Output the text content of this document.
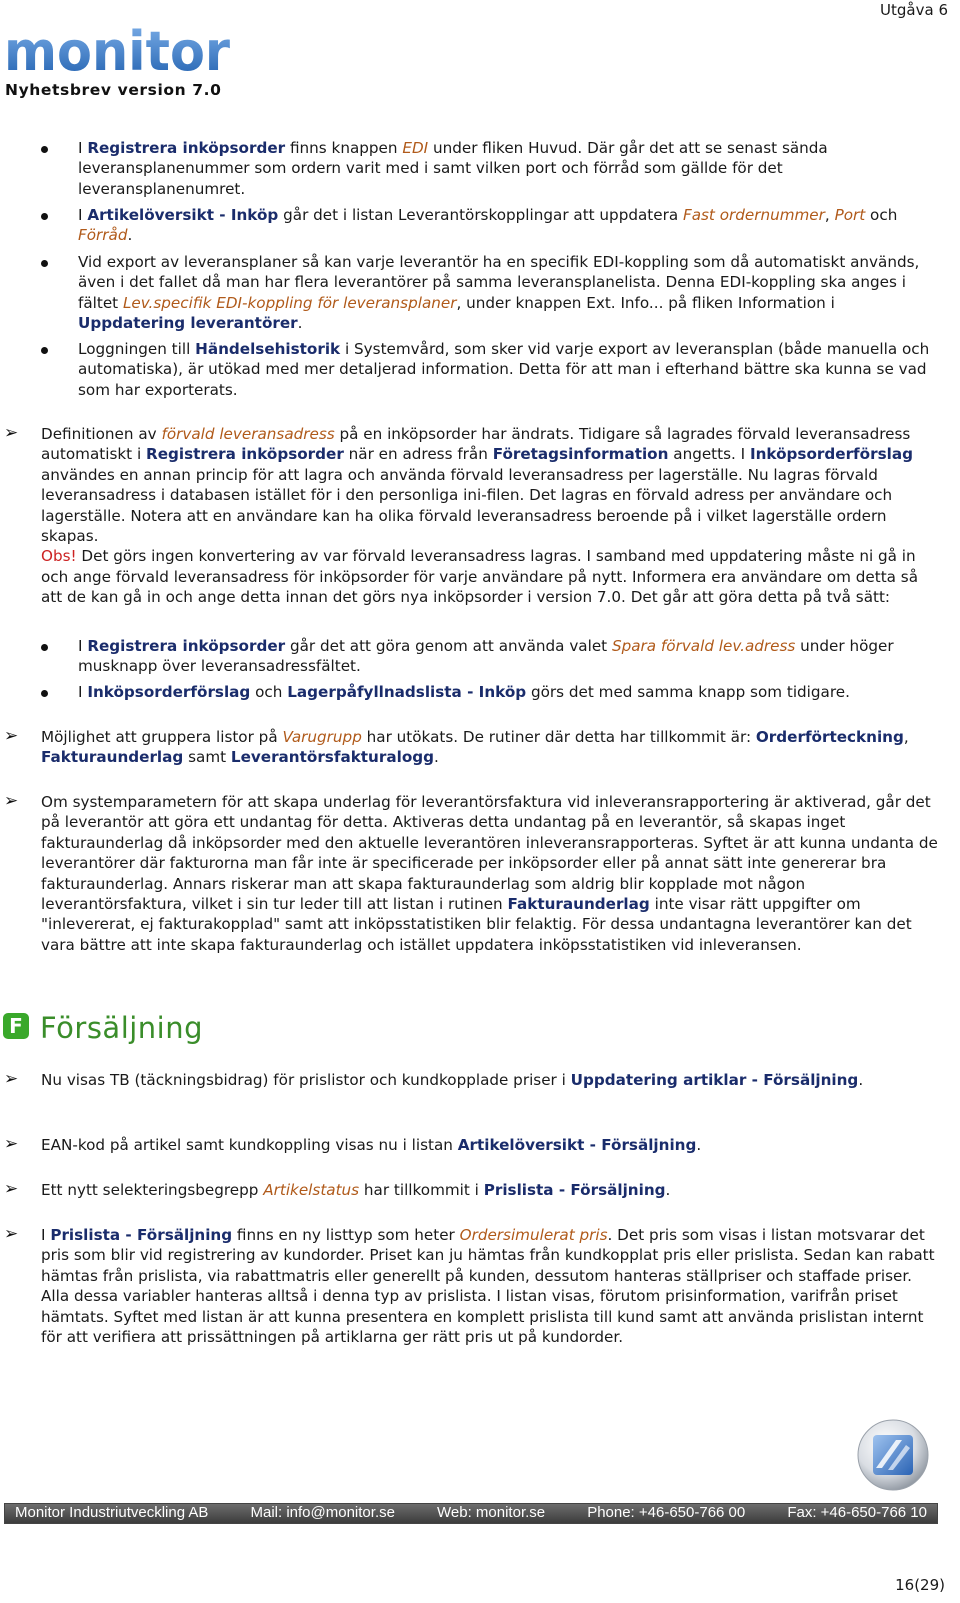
Utgåva 6
monitor
Nyhetsbrev version 7.0
I Registrera inköpsorder finns knappen EDI under fliken Huvud. Där går det att se senast sända leveransplanenummer som ordern varit med i samt vilken port och förråd som gällde för det leveransplanenumret.
I Artikelöversikt - Inköp går det i listan Leverantörskopplingar att uppdatera Fast ordernummer, Port och Förråd.
Vid export av leveransplaner så kan varje leverantör ha en specifik EDI-koppling som då automatiskt används, även i det fallet då man har flera leverantörer på samma leveransplanelista. Denna EDI-koppling ska anges i fältet Lev.specifik EDI-koppling för leveransplaner, under knappen Ext. Info... på fliken Information i Uppdatering leverantörer.
Loggningen till Händelsehistorik i Systemvård, som sker vid varje export av leveransplan (både manuella och automatiska), är utökad med mer detaljerad information. Detta för att man i efterhand bättre ska kunna se vad som har exporterats.
➢ Definitionen av förvald leveransadress på en inköpsorder har ändrats. Tidigare så lagrades förvald leveransadress automatiskt i Registrera inköpsorder när en adress från Företagsinformation angetts. I Inköpsorderförslag användes en annan princip för att lagra och använda förvald leveransadress per lagerställe. Nu lagras förvald leveransadress i databasen istället för i den personliga ini-filen. Det lagras en förvald adress per användare och lagerställe. Notera att en användare kan ha olika förvald leveransadress beroende på i vilket lagerställe ordern skapas.
Obs! Det görs ingen konvertering av var förvald leveransadress lagras. I samband med uppdatering måste ni gå in och ange förvald leveransadress för inköpsorder för varje användare på nytt. Informera era användare om detta så att de kan gå in och ange detta innan det görs nya inköpsorder i version 7.0. Det går att göra detta på två sätt:
I Registrera inköpsorder går det att göra genom att använda valet Spara förvald lev.adress under höger musknapp över leveransadressfältet.
I Inköpsorderförslag och Lagerpåfyllnadslista - Inköp görs det med samma knapp som tidigare.
➢ Möjlighet att gruppera listor på Varugrupp har utökats. De rutiner där detta har tillkommit är: Orderförteckning, Fakturaunderlag samt Leverantörsfakturalogg.
➢ Om systemparametern för att skapa underlag för leverantörsfaktura vid inleveransrapportering är aktiverad, går det på leverantör att göra ett undantag för detta. Aktiveras detta undantag på en leverantör, så skapas inget fakturaunderlag då inköpsorder med den aktuelle leverantören inleveransrapporteras. Syftet är att kunna undanta de leverantörer där fakturorna man får inte är specificerade per inköpsorder eller på annat sätt inte genererar bra fakturaunderlag. Annars riskerar man att skapa fakturaunderlag som aldrig blir kopplade mot någon leverantörsfaktura, vilket i sin tur leder till att listan i rutinen Fakturaunderlag inte visar rätt uppgifter om "inlevererat, ej fakturakopplad" samt att inköpsstatistiken blir felaktig. För dessa undantagna leverantörer kan det vara bättre att inte skapa fakturaunderlag och istället uppdatera inköpsstatistiken vid inleveransen.
F Försäljning
➢ Nu visas TB (täckningsbidrag) för prislistor och kundkopplade priser i Uppdatering artiklar - Försäljning.
➢ EAN-kod på artikel samt kundkoppling visas nu i listan Artikelöversikt - Försäljning.
➢ Ett nytt selekteringsbegrepp Artikelstatus har tillkommit i Prislista - Försäljning.
➢ I Prislista - Försäljning finns en ny listtyp som heter Ordersimulerat pris. Det pris som visas i listan motsvarar det pris som blir vid registrering av kundorder. Priset kan ju hämtas från kundkopplat pris eller prislista. Sedan kan rabatt hämtas från prislista, via rabattmatris eller generellt på kunden, dessutom hanteras ställpriser och staffade priser. Alla dessa variabler hanteras alltså i denna typ av prislista. I listan visas, förutom prisinformation, varifrån priset hämtats. Syftet med listan är att kunna presentera en komplett prislista till kund samt att använda prislistan internt för att verifiera att prissättningen på artiklarna ger rätt pris ut på kundorder.
Monitor Industriutveckling AB	Mail: info@monitor.se	Web: monitor.se	Phone: +46-650-766 00	Fax: +46-650-766 10
16(29)
